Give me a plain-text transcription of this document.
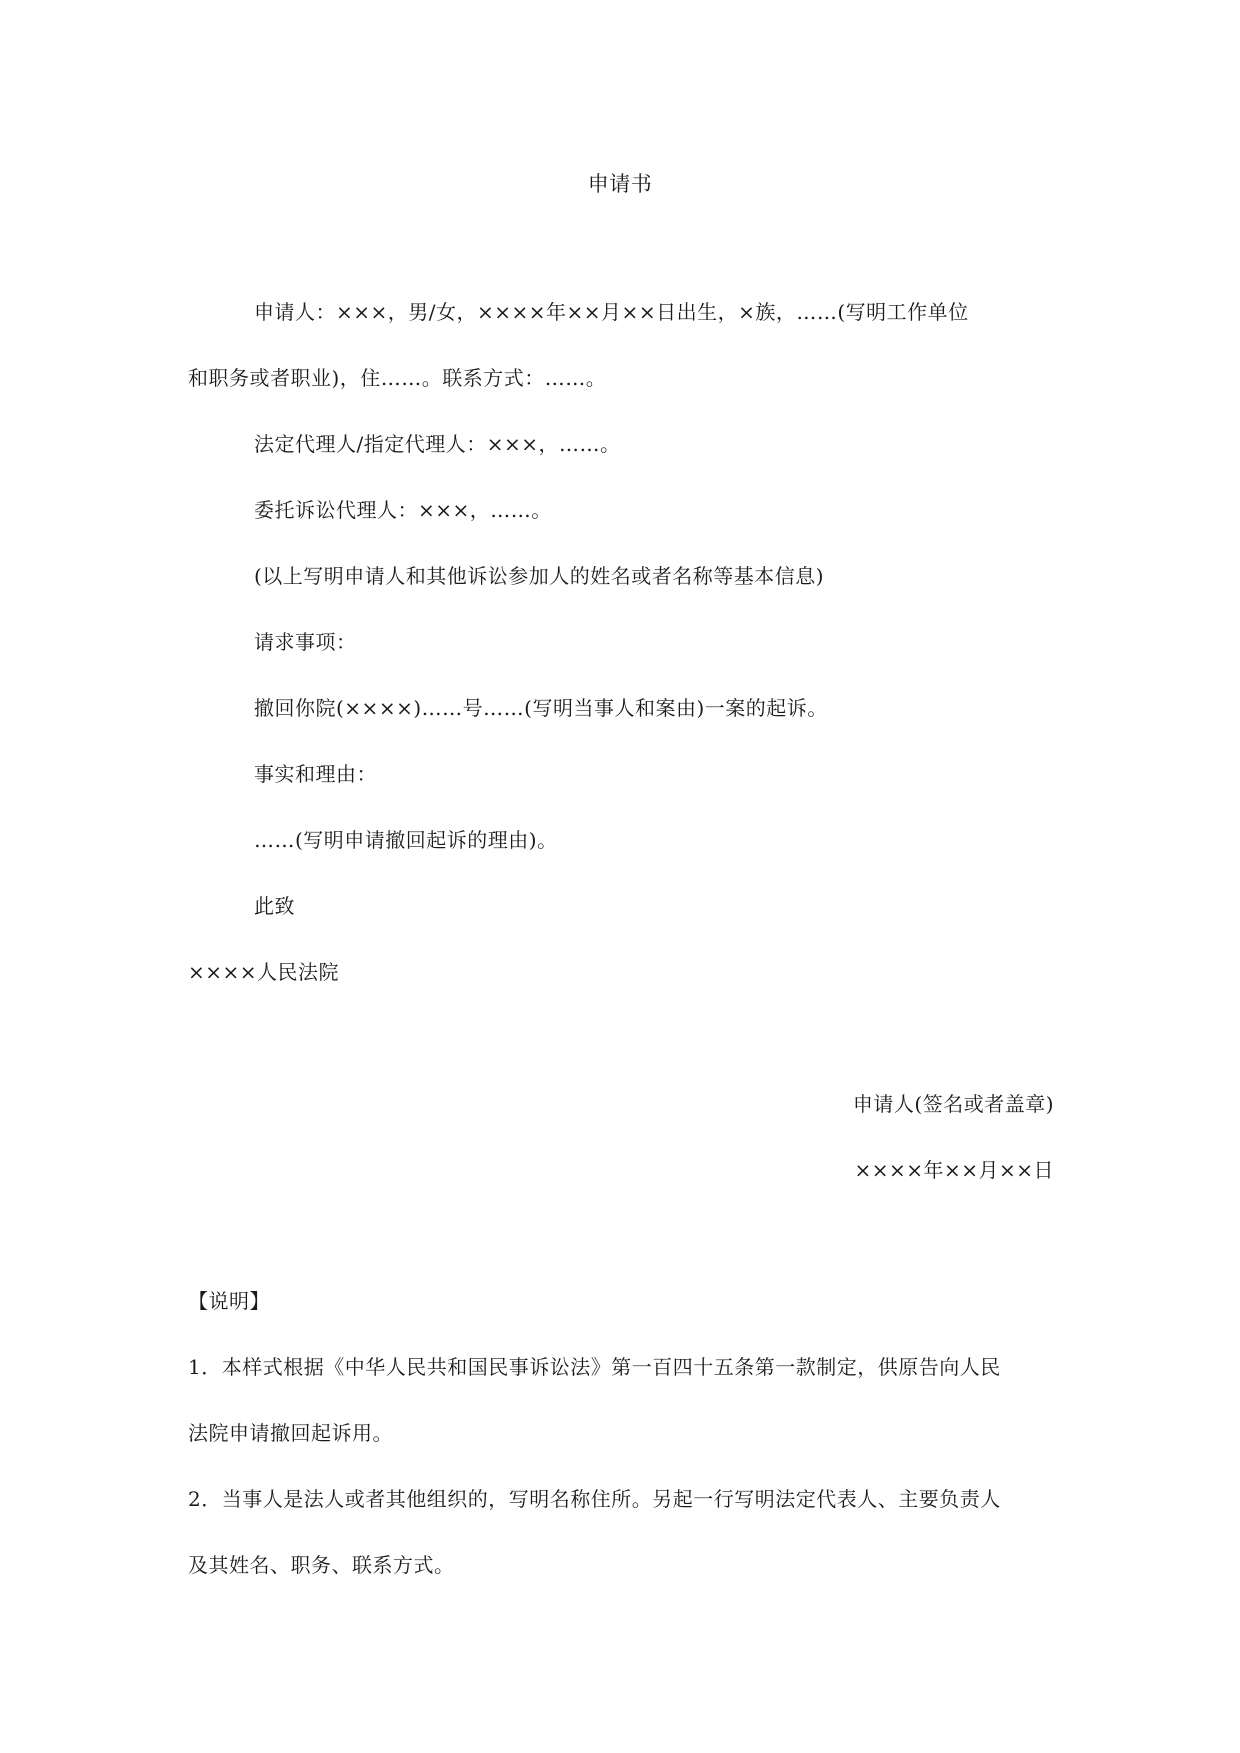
申请书
申请人：×××，男/女，××××年××月××日出生，×族，……(写明工作单位
和职务或者职业)，住……。联系方式：……。
法定代理人/指定代理人：×××，……。
委托诉讼代理人：×××，……。
(以上写明申请人和其他诉讼参加人的姓名或者名称等基本信息)
请求事项：
撤回你院(××××)……号……(写明当事人和案由)一案的起诉。
事实和理由：
……(写明申请撤回起诉的理由)。
此致
××××人民法院
申请人(签名或者盖章)
××××年××月××日
【说明】
1．本样式根据《中华人民共和国民事诉讼法》第一百四十五条第一款制定，供原告向人民
法院申请撤回起诉用。
2．当事人是法人或者其他组织的，写明名称住所。另起一行写明法定代表人、主要负责人
及其姓名、职务、联系方式。
